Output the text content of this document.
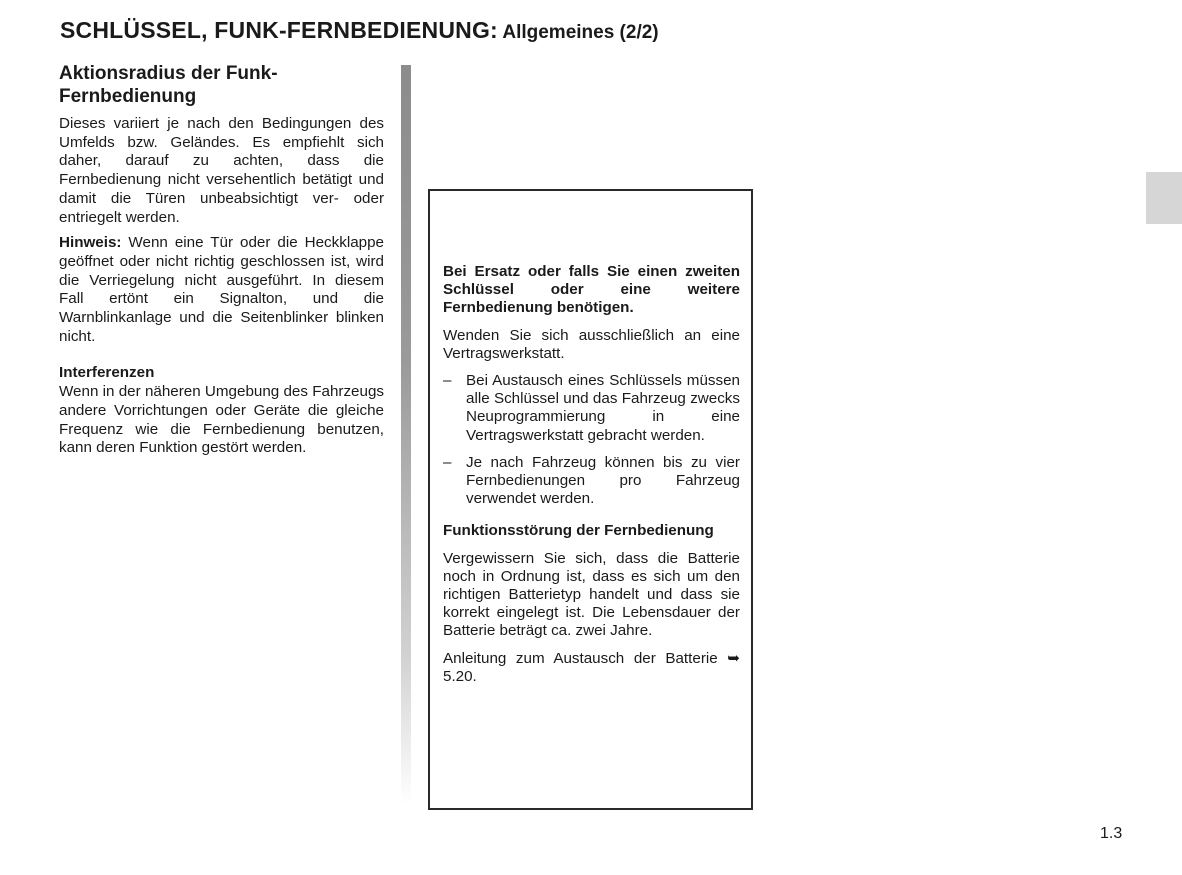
SCHLÜSSEL, FUNK-FERNBEDIENUNG: Allgemeines (2/2)
Aktionsradius der Funk-Fernbedienung

Dieses variiert je nach den Bedingungen des Umfelds bzw. Geländes. Es empfiehlt sich daher, darauf zu achten, dass die Fernbedienung nicht versehentlich betätigt und damit die Türen unbeabsichtigt ver- oder entriegelt werden.

Hinweis: Wenn eine Tür oder die Heckklappe geöffnet oder nicht richtig geschlossen ist, wird die Verriegelung nicht ausgeführt. In diesem Fall ertönt ein Signalton, und die Warnblinkanlage und die Seitenblinker blinken nicht.

Interferenzen

Wenn in der näheren Umgebung des Fahrzeugs andere Vorrichtungen oder Geräte die gleiche Frequenz wie die Fernbedienung benutzen, kann deren Funktion gestört werden.

Bei Ersatz oder falls Sie einen zweiten Schlüssel oder eine weitere Fernbedienung benötigen.

Wenden Sie sich ausschließlich an eine Vertragswerkstatt.

– Bei Austausch eines Schlüssels müssen alle Schlüssel und das Fahrzeug zwecks Neuprogrammierung in eine Vertragswerkstatt gebracht werden.
– Je nach Fahrzeug können bis zu vier Fernbedienungen pro Fahrzeug verwendet werden.

Funktionsstörung der Fernbedienung

Vergewissern Sie sich, dass die Batterie noch in Ordnung ist, dass es sich um den richtigen Batterietyp handelt und dass sie korrekt eingelegt ist. Die Lebensdauer der Batterie beträgt ca. zwei Jahre.

Anleitung zum Austausch der Batterie ➥ 5.20.

1.3
